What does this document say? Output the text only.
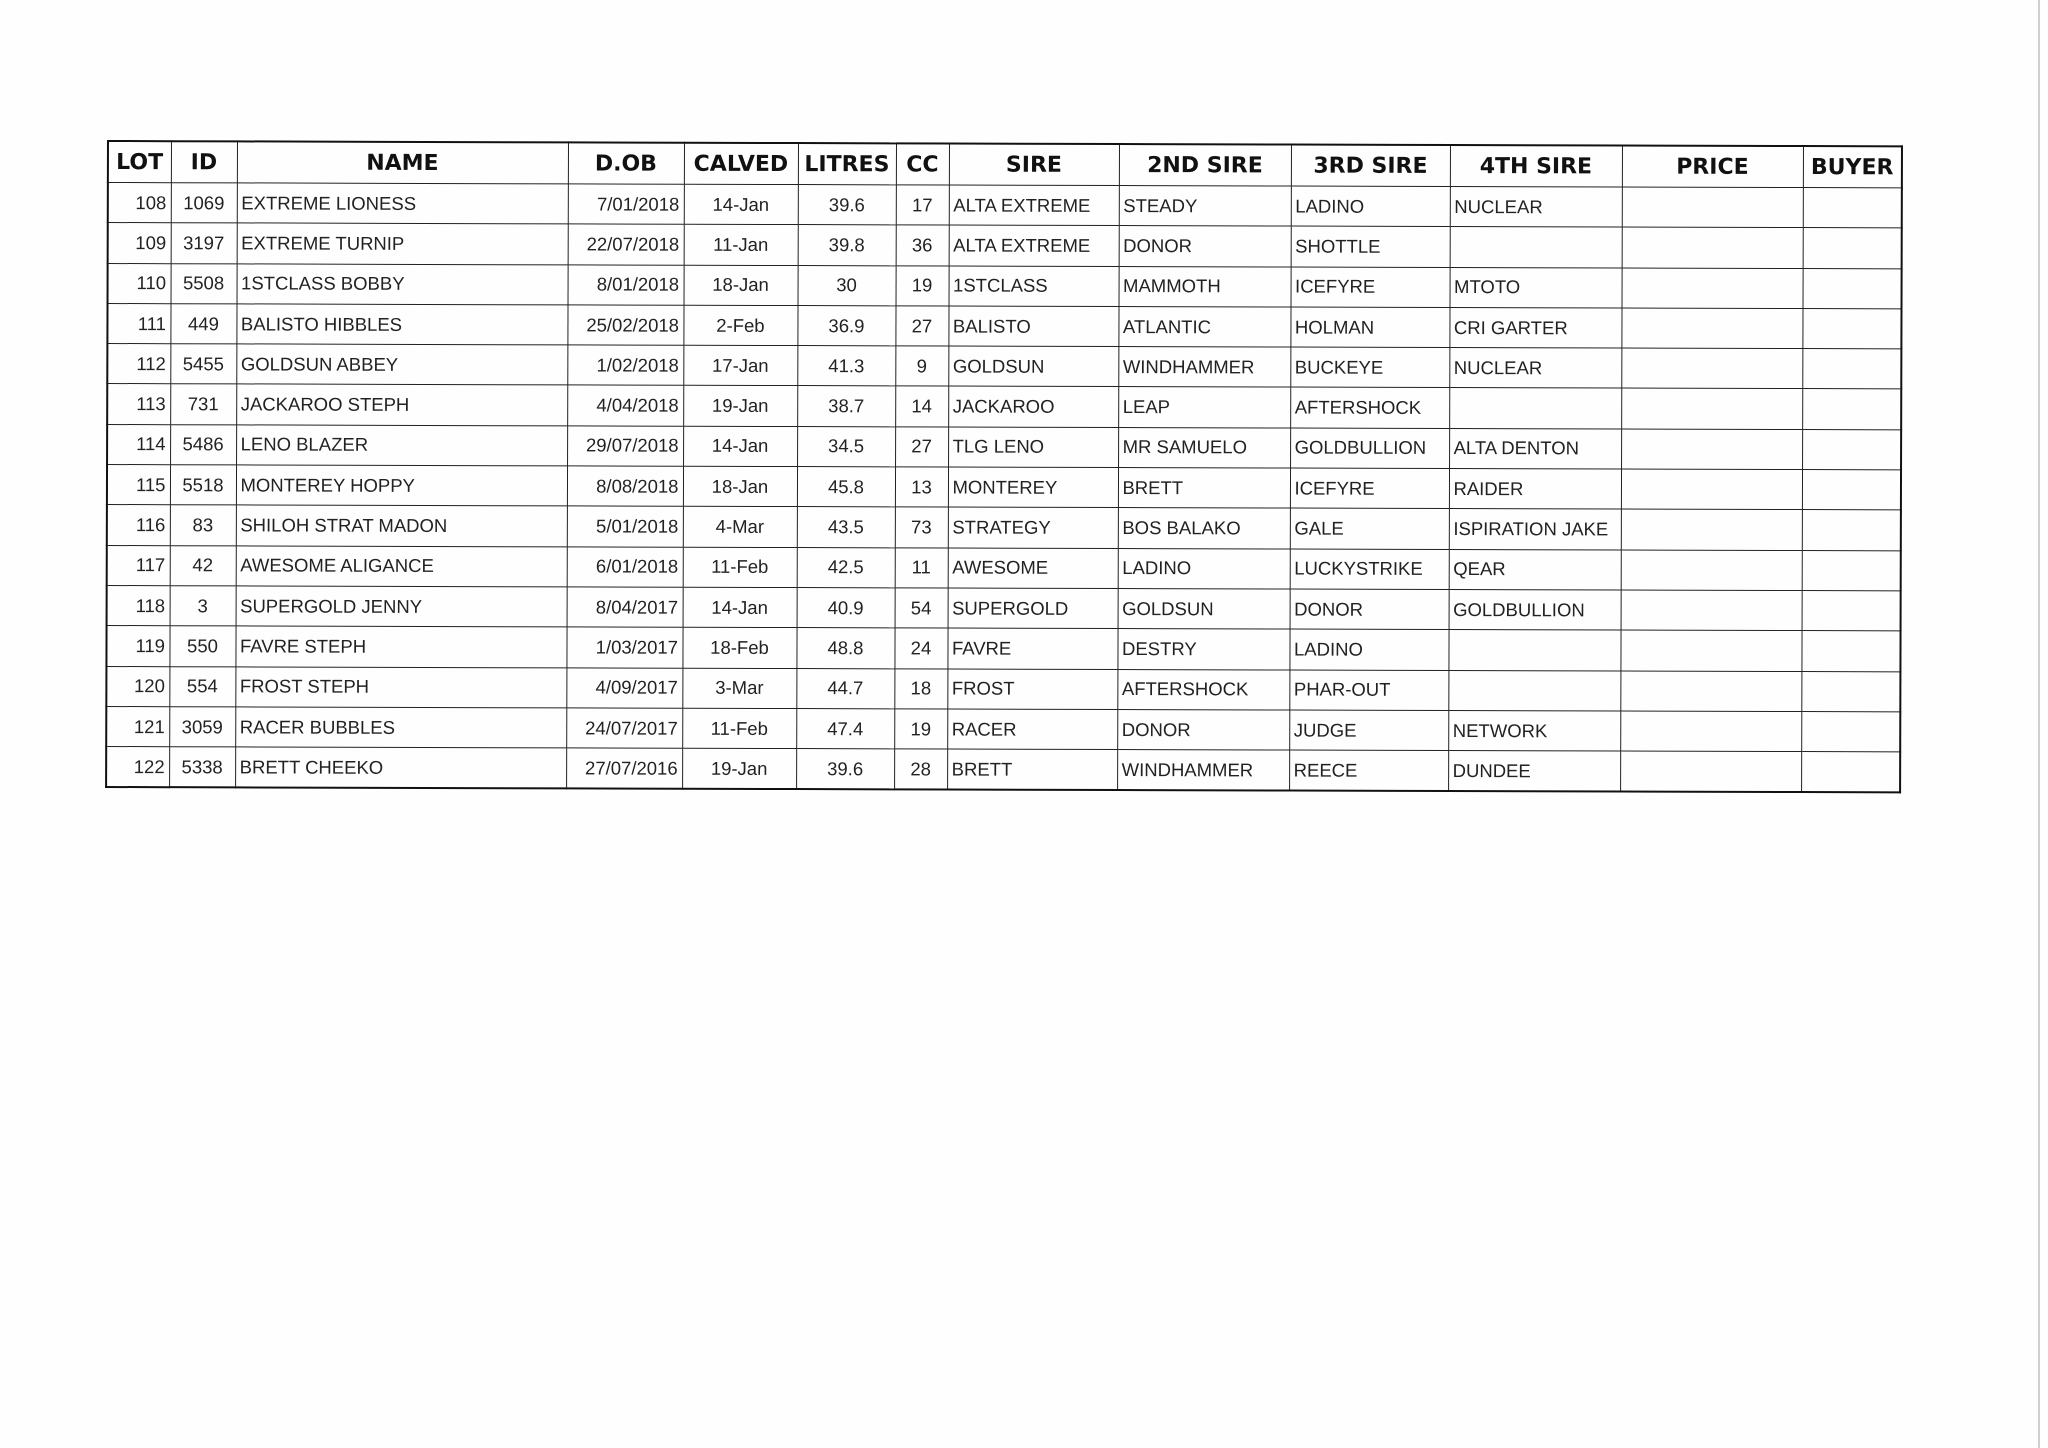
LOT	ID	NAME	D.OB	CALVED	LITRES	CC	SIRE	2ND SIRE	3RD SIRE	4TH SIRE	PRICE	BUYER
108	1069	EXTREME LIONESS	7/01/2018	14-Jan	39.6	17	ALTA EXTREME	STEADY	LADINO	NUCLEAR		
109	3197	EXTREME TURNIP	22/07/2018	11-Jan	39.8	36	ALTA EXTREME	DONOR	SHOTTLE			
110	5508	1STCLASS BOBBY	8/01/2018	18-Jan	30	19	1STCLASS	MAMMOTH	ICEFYRE	MTOTO		
111	449	BALISTO HIBBLES	25/02/2018	2-Feb	36.9	27	BALISTO	ATLANTIC	HOLMAN	CRI GARTER		
112	5455	GOLDSUN ABBEY	1/02/2018	17-Jan	41.3	9	GOLDSUN	WINDHAMMER	BUCKEYE	NUCLEAR		
113	731	JACKAROO STEPH	4/04/2018	19-Jan	38.7	14	JACKAROO	LEAP	AFTERSHOCK			
114	5486	LENO BLAZER	29/07/2018	14-Jan	34.5	27	TLG LENO	MR SAMUELO	GOLDBULLION	ALTA DENTON		
115	5518	MONTEREY HOPPY	8/08/2018	18-Jan	45.8	13	MONTEREY	BRETT	ICEFYRE	RAIDER		
116	83	SHILOH STRAT MADON	5/01/2018	4-Mar	43.5	73	STRATEGY	BOS BALAKO	GALE	ISPIRATION JAKE		
117	42	AWESOME ALIGANCE	6/01/2018	11-Feb	42.5	11	AWESOME	LADINO	LUCKYSTRIKE	QEAR		
118	3	SUPERGOLD JENNY	8/04/2017	14-Jan	40.9	54	SUPERGOLD	GOLDSUN	DONOR	GOLDBULLION		
119	550	FAVRE STEPH	1/03/2017	18-Feb	48.8	24	FAVRE	DESTRY	LADINO			
120	554	FROST STEPH	4/09/2017	3-Mar	44.7	18	FROST	AFTERSHOCK	PHAR-OUT			
121	3059	RACER BUBBLES	24/07/2017	11-Feb	47.4	19	RACER	DONOR	JUDGE	NETWORK		
122	5338	BRETT CHEEKO	27/07/2016	19-Jan	39.6	28	BRETT	WINDHAMMER	REECE	DUNDEE		
